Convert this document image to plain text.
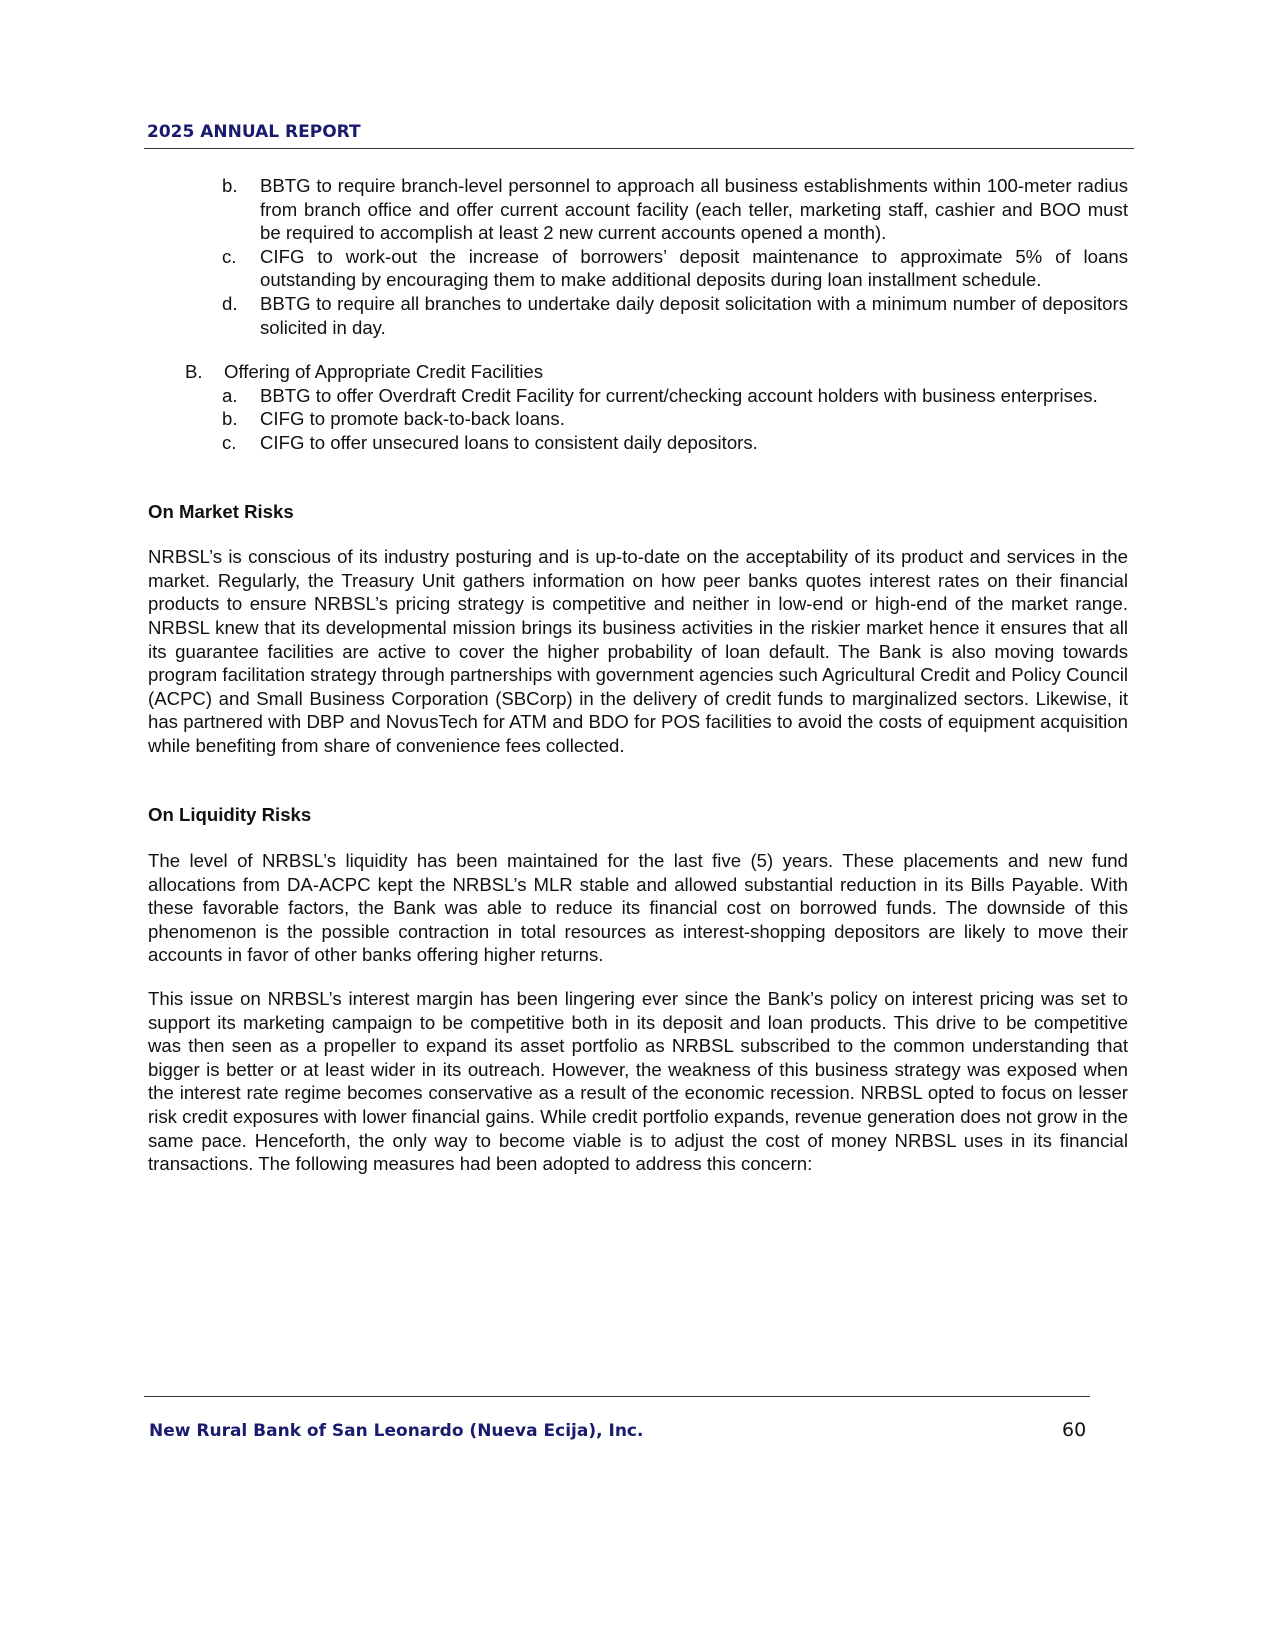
2025 ANNUAL REPORT
b. BBTG to require branch-level personnel to approach all business establishments within 100-meter radius from branch office and offer current account facility (each teller, marketing staff, cashier and BOO must be required to accomplish at least 2 new current accounts opened a month).
c. CIFG to work-out the increase of borrowers’ deposit maintenance to approximate 5% of loans outstanding by encouraging them to make additional deposits during loan installment schedule.
d. BBTG to require all branches to undertake daily deposit solicitation with a minimum number of depositors solicited in day.
B. Offering of Appropriate Credit Facilities
a. BBTG to offer Overdraft Credit Facility for current/checking account holders with business enterprises.
b. CIFG to promote back-to-back loans.
c. CIFG to offer unsecured loans to consistent daily depositors.
On Market Risks

NRBSL’s is conscious of its industry posturing and is up-to-date on the acceptability of its product and services in the market. Regularly, the Treasury Unit gathers information on how peer banks quotes interest rates on their financial products to ensure NRBSL’s pricing strategy is competitive and neither in low-end or high-end of the market range. NRBSL knew that its developmental mission brings its business activities in the riskier market hence it ensures that all its guarantee facilities are active to cover the higher probability of loan default. The Bank is also moving towards program facilitation strategy through partnerships with government agencies such Agricultural Credit and Policy Council (ACPC) and Small Business Corporation (SBCorp) in the delivery of credit funds to marginalized sectors. Likewise, it has partnered with DBP and NovusTech for ATM and BDO for POS facilities to avoid the costs of equipment acquisition while benefiting from share of convenience fees collected.

On Liquidity Risks

The level of NRBSL’s liquidity has been maintained for the last five (5) years. These placements and new fund allocations from DA-ACPC kept the NRBSL’s MLR stable and allowed substantial reduction in its Bills Payable. With these favorable factors, the Bank was able to reduce its financial cost on borrowed funds. The downside of this phenomenon is the possible contraction in total resources as interest-shopping depositors are likely to move their accounts in favor of other banks offering higher returns.

This issue on NRBSL’s interest margin has been lingering ever since the Bank’s policy on interest pricing was set to support its marketing campaign to be competitive both in its deposit and loan products. This drive to be competitive was then seen as a propeller to expand its asset portfolio as NRBSL subscribed to the common understanding that bigger is better or at least wider in its outreach. However, the weakness of this business strategy was exposed when the interest rate regime becomes conservative as a result of the economic recession. NRBSL opted to focus on lesser risk credit exposures with lower financial gains. While credit portfolio expands, revenue generation does not grow in the same pace. Henceforth, the only way to become viable is to adjust the cost of money NRBSL uses in its financial transactions. The following measures had been adopted to address this concern:

New Rural Bank of San Leonardo (Nueva Ecija), Inc.	60
